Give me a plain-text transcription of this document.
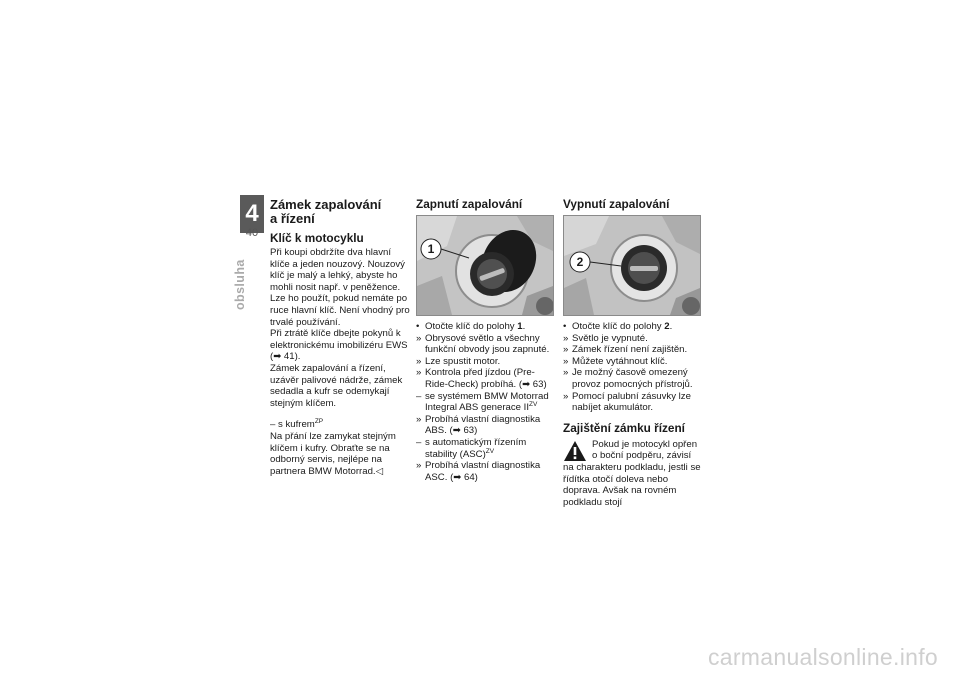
4
40
obsluha
Zámek zapalování
a řízení
Klíč k motocyklu

Při koupi obdržíte dva hlavní klíče a jeden nouzový. Nouzový klíč je malý a lehký, abyste ho mohli nosit např. v peněžence. Lze ho použít, pokud nemáte po ruce hlavní klíč. Není vhodný pro trvalé používání.

Při ztrátě klíče dbejte pokynů k elektronickému imobilizéru EWS (➡ 41).

Zámek zapalování a řízení, uzávěr palivové nádrže, zámek sedadla a kufr se odemykají stejným klíčem.

– s kufrem$^{ZP}$

Na přání lze zamykat stejným klíčem i kufry. Obraťte se na odborný servis, nejlépe na partnera BMW Motorrad.◁

Zapnutí zapalování
1
• Otočte klíč do polohy 1.
» Obrysové světlo a všechny funkční obvody jsou zapnuté.
» Lze spustit motor.
» Kontrola před jízdou (Pre-Ride-Check) probíhá. (➡ 63)
– se systémem BMW Motorrad Integral ABS generace $II^{ZV}$
» Probíhá vlastní diagnostika ABS. (➡ 63)
– s automatickým řízením stability (ASC)$^{ZV}$
» Probíhá vlastní diagnostika ASC. (➡ 64)
Vypnutí zapalování
2
• Otočte klíč do polohy 2.
» Světlo je vypnuté.
» Zámek řízení není zajištěn.
» Můžete vytáhnout klíč.
» Je možný časově omezený provoz pomocných přístrojů.
» Pomocí palubní zásuvky lze nabíjet akumulátor.
Zajištění zámku řízení

Pokud je motocykl opřen o boční podpěru, závisí na charakteru podkladu, jestli se řídítka otočí doleva nebo doprava. Avšak na rovném podkladu stojí

carmanualsonline.info
